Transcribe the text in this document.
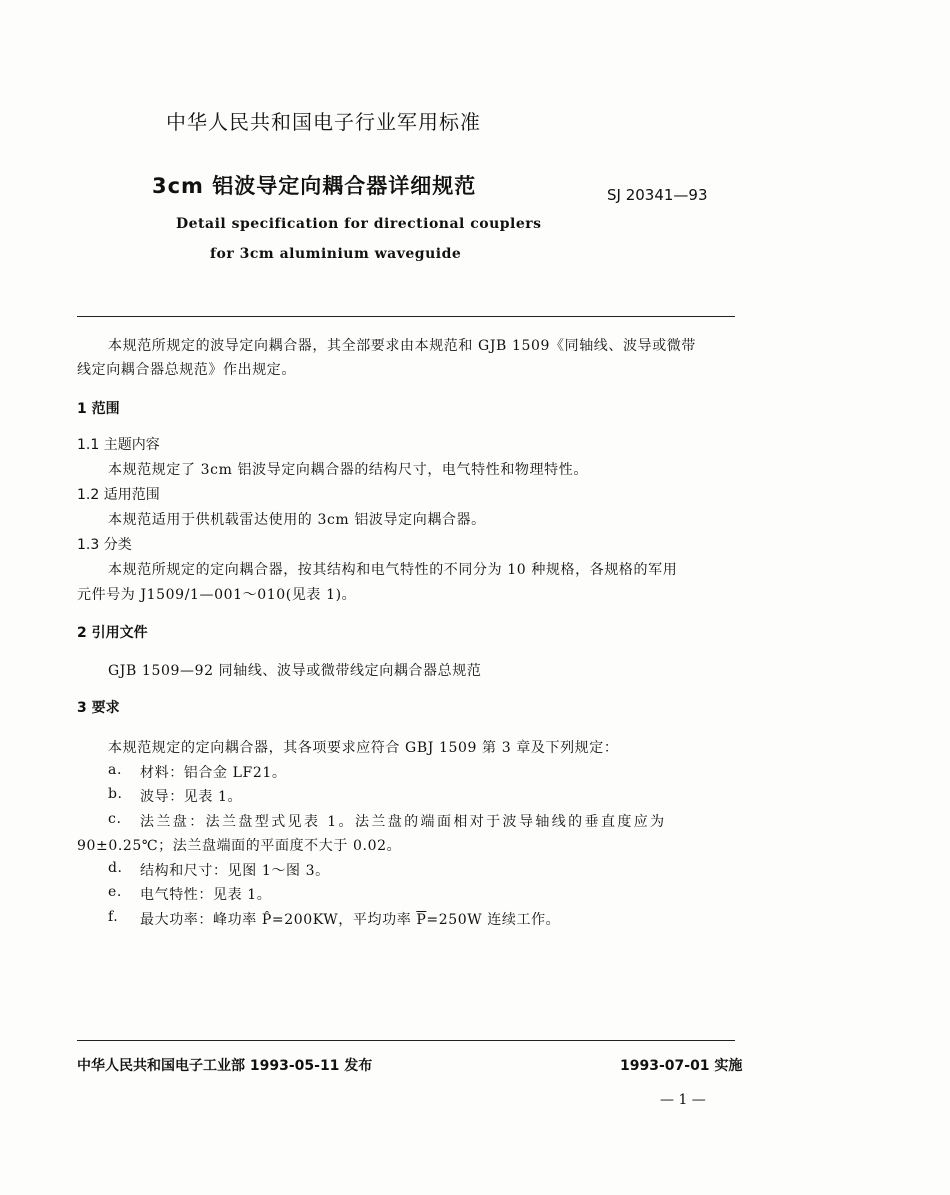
中华人民共和国电子行业军用标准
3cm 铝波导定向耦合器详细规范	SJ 20341—93
Detail specification for directional couplers
for 3cm aluminium waveguide
本规范所规定的波导定向耦合器，其全部要求由本规范和 GJB 1509《同轴线、波导或微带
线定向耦合器总规范》作出规定。
1 范围
1.1 主题内容
本规范规定了 3cm 铝波导定向耦合器的结构尺寸，电气特性和物理特性。
1.2 适用范围
本规范适用于供机载雷达使用的 3cm 铝波导定向耦合器。
1.3 分类
本规范所规定的定向耦合器，按其结构和电气特性的不同分为 10 种规格，各规格的军用
元件号为 J1509/1—001～010(见表 1)。
2 引用文件
GJB 1509—92 同轴线、波导或微带线定向耦合器总规范
3 要求
本规范规定的定向耦合器，其各项要求应符合 GBJ 1509 第 3 章及下列规定：
a. 材料：铝合金 LF21。
b. 波导：见表 1。
c. 法兰盘：法兰盘型式见表 1。法兰盘的端面相对于波导轴线的垂直度应为
90±0.25℃；法兰盘端面的平面度不大于 0.02。
d. 结构和尺寸：见图 1～图 3。
e. 电气特性：见表 1。
f. 最大功率：峰功率 P̂=200KW，平均功率 $\overline{P}=250W$ 连续工作。
中华人民共和国电子工业部 1993-05-11 发布	1993-07-01 实施
— 1 —
